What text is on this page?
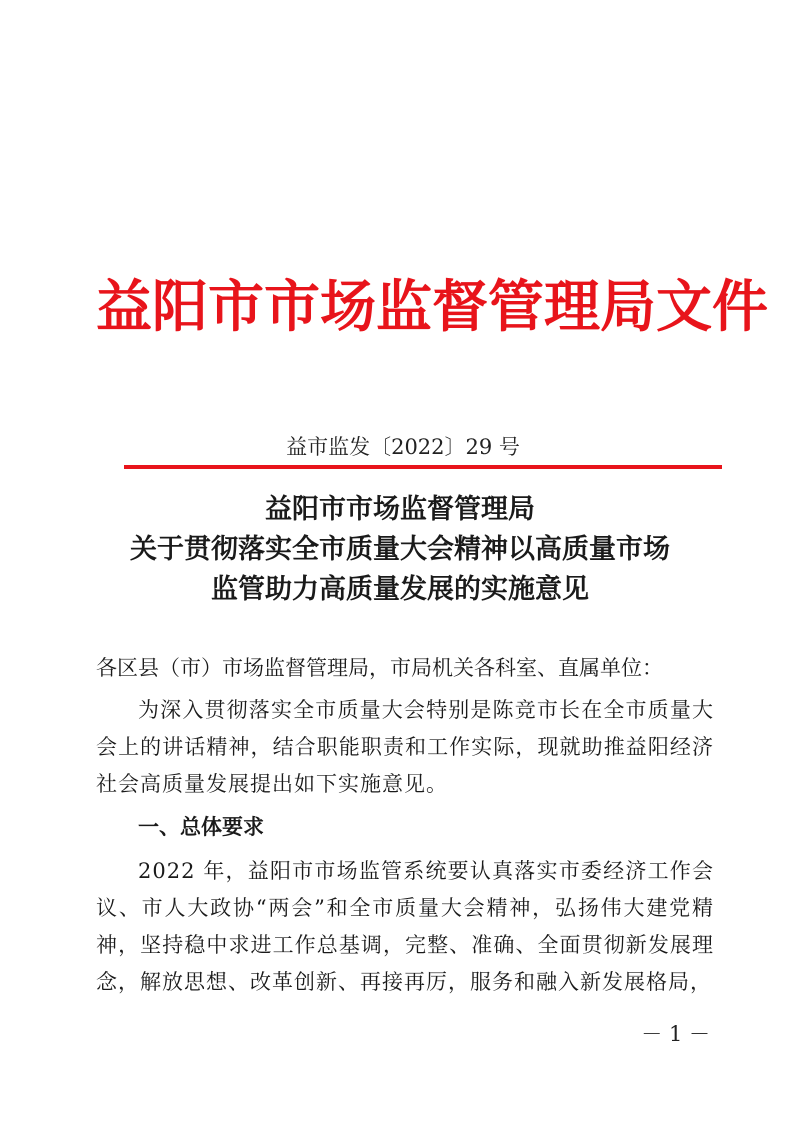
益阳市市场监督管理局文件
益市监发〔2022〕29 号
益阳市市场监督管理局
关于贯彻落实全市质量大会精神以高质量市场
监管助力高质量发展的实施意见
各区县（市）市场监督管理局，市局机关各科室、直属单位：

为深入贯彻落实全市质量大会特别是陈竞市长在全市质量大会上的讲话精神，结合职能职责和工作实际，现就助推益阳经济社会高质量发展提出如下实施意见。

一、总体要求

2022 年，益阳市市场监管系统要认真落实市委经济工作会议、市人大政协“两会”和全市质量大会精神，弘扬伟大建党精神，坚持稳中求进工作总基调，完整、准确、全面贯彻新发展理念，解放思想、改革创新、再接再厉，服务和融入新发展格局，

－ 1 －
